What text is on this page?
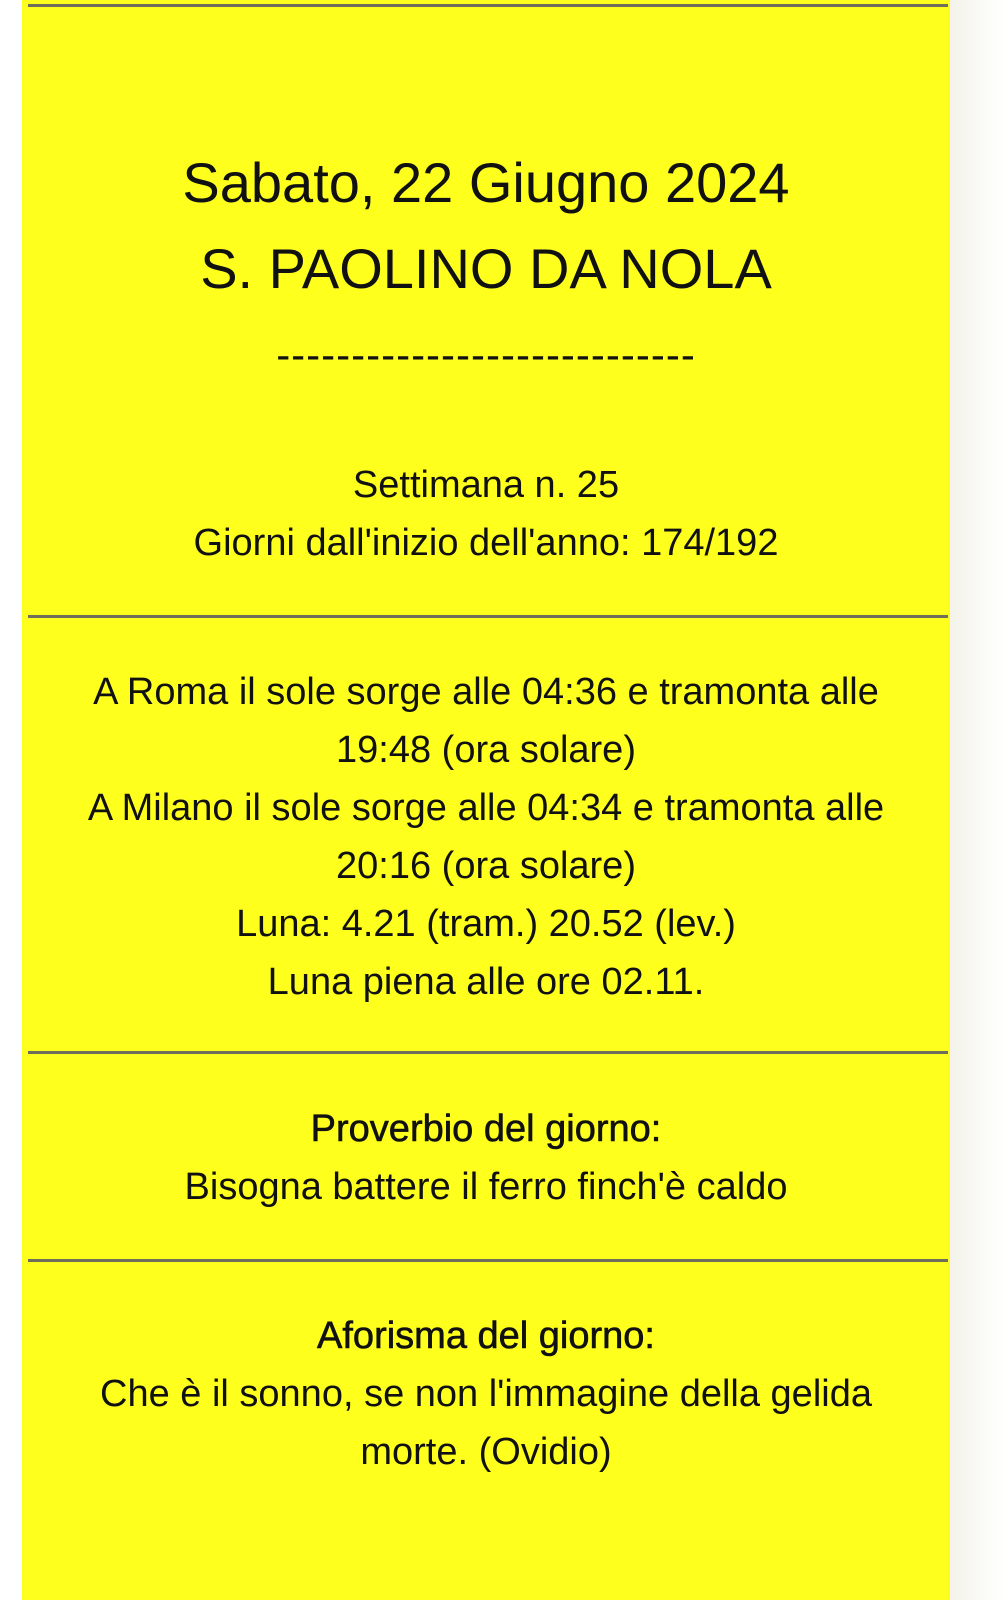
Sabato, 22 Giugno 2024
S. PAOLINO DA NOLA
----------------------------
Settimana n. 25
Giorni dall'inizio dell'anno: 174/192
A Roma il sole sorge alle 04:36 e tramonta alle
19:48 (ora solare)
A Milano il sole sorge alle 04:34 e tramonta alle
20:16 (ora solare)
Luna: 4.21 (tram.) 20.52 (lev.)
Luna piena alle ore 02.11.
Proverbio del giorno:
Bisogna battere il ferro finch'è caldo
Aforisma del giorno:
Che è il sonno, se non l'immagine della gelida
morte. (Ovidio)
